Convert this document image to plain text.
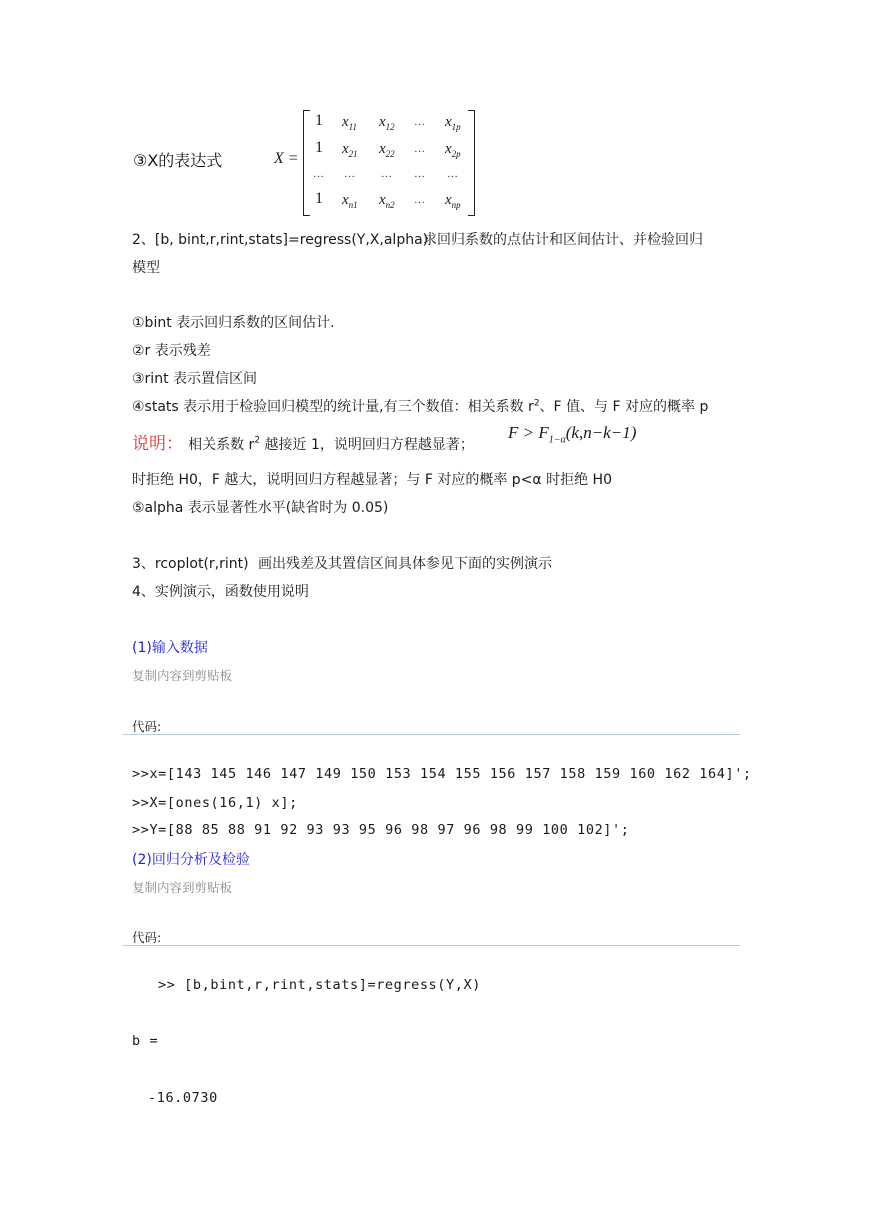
③X的表达式	X =
1 $x_{11}$ $x_{12}$ … $x_{1p}$
1 $x_{21}$ $x_{22}$ … $x_{2p}$
… … … … …
1 $x_{n1}$ $x_{n2}$ … $x_{np}$
2、[b, bint,r,rint,stats]=regress(Y,X,alpha)
求回归系数的点估计和区间估计、并检验回归
模型
①bint 表示回归系数的区间估计.
②r 表示残差
③rint 表示置信区间
④stats 表示用于检验回归模型的统计量,有三个数值：相关系数 $r^2$、F 值、与 F 对应的概率 p
说明： 相关系数 $r^2$ 越接近 1，说明回归方程越显著；
$F > F_{1-\alpha}(k,n-k-1)$
时拒绝 H0，F 越大，说明回归方程越显著；与 F 对应的概率 p<α 时拒绝 H0
⑤alpha 表示显著性水平(缺省时为 0.05)
3、rcoplot(r,rint) 画出残差及其置信区间具体参见下面的实例演示
4、实例演示，函数使用说明
(1)输入数据
复制内容到剪贴板
代码:
>>x=[143 145 146 147 149 150 153 154 155 156 157 158 159 160 162 164]';
>>X=[ones(16,1) x];
>>Y=[88 85 88 91 92 93 93 95 96 98 97 96 98 99 100 102]';
(2)回归分析及检验
复制内容到剪贴板
代码:
>> [b,bint,r,rint,stats]=regress(Y,X)
b =
-16.0730
